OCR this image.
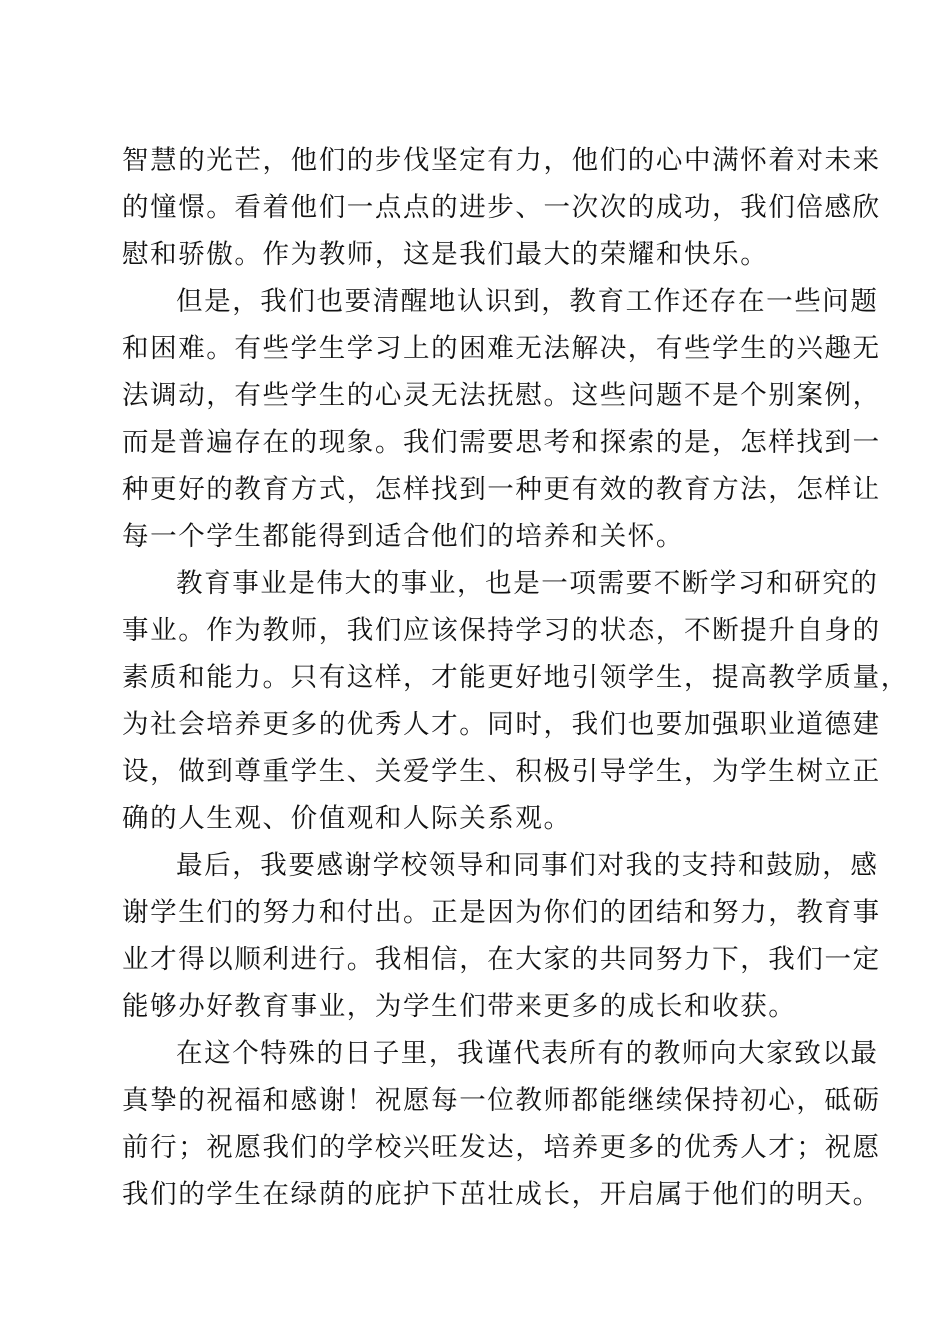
智慧的光芒，他们的步伐坚定有力，他们的心中满怀着对未来
的憧憬。看着他们一点点的进步、一次次的成功，我们倍感欣
慰和骄傲。作为教师，这是我们最大的荣耀和快乐。
但是，我们也要清醒地认识到，教育工作还存在一些问题
和困难。有些学生学习上的困难无法解决，有些学生的兴趣无
法调动，有些学生的心灵无法抚慰。这些问题不是个别案例，
而是普遍存在的现象。我们需要思考和探索的是，怎样找到一
种更好的教育方式，怎样找到一种更有效的教育方法，怎样让
每一个学生都能得到适合他们的培养和关怀。
教育事业是伟大的事业，也是一项需要不断学习和研究的
事业。作为教师，我们应该保持学习的状态，不断提升自身的
素质和能力。只有这样，才能更好地引领学生，提高教学质量，
为社会培养更多的优秀人才。同时，我们也要加强职业道德建
设，做到尊重学生、关爱学生、积极引导学生，为学生树立正
确的人生观、价值观和人际关系观。
最后，我要感谢学校领导和同事们对我的支持和鼓励，感
谢学生们的努力和付出。正是因为你们的团结和努力，教育事
业才得以顺利进行。我相信，在大家的共同努力下，我们一定
能够办好教育事业，为学生们带来更多的成长和收获。
在这个特殊的日子里，我谨代表所有的教师向大家致以最
真挚的祝福和感谢！祝愿每一位教师都能继续保持初心，砥砺
前行；祝愿我们的学校兴旺发达，培养更多的优秀人才；祝愿
我们的学生在绿荫的庇护下茁壮成长，开启属于他们的明天。
